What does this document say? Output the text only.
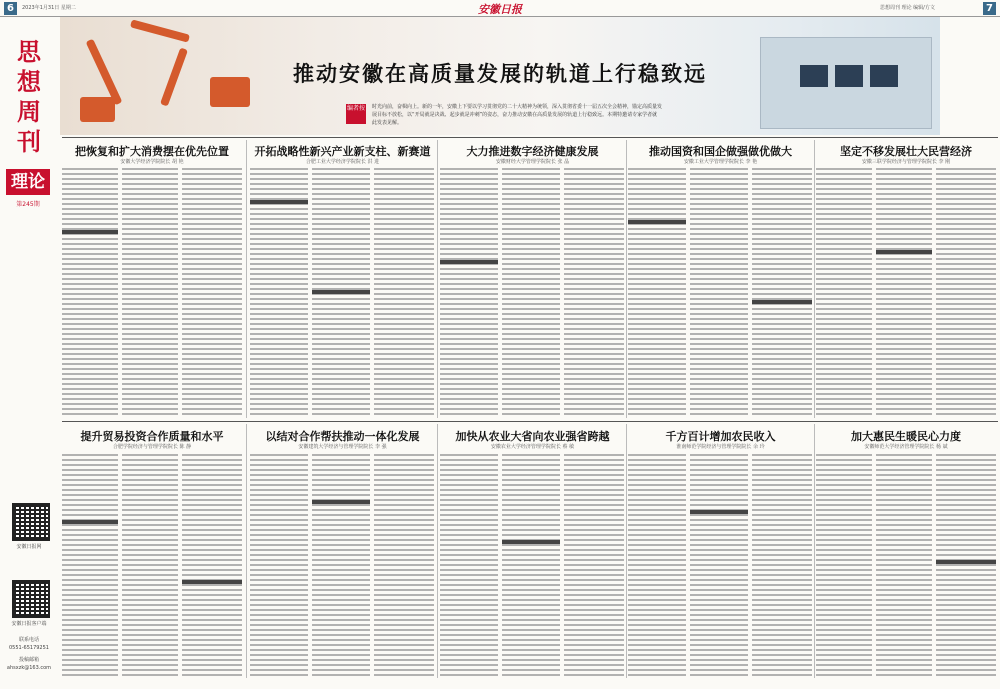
6	2023年1月31日 星期二	安徽日报	思想周刊 理论 编辑/方文	7
思想周刊
理论
第245期
安徽日报网
安徽日报客户端
联系电话
0551-65179251
投稿邮箱
ahsxzk@163.com
推动安徽在高质量发展的轨道上行稳致远
编者按 时光向前，奋楫向上。新的一年，安徽上下要以学习贯彻党的二十大精神为统领，深入贯彻省委十一届五次全会精神，锚定高质量发展目标不放松，以“开局就是决战、起步就是冲刺”的姿态，奋力推动安徽在高质量发展的轨道上行稳致远。本期特邀请专家学者就此发表见解。
把恢复和扩大消费摆在优先位置
安徽大学经济学院院长 胡 艳
开拓战略性新兴产业新支柱、新赛道
合肥工业大学经济学院院长 洪 进
大力推进数字经济健康发展
安徽财经大学管理学院院长 张 晶
推动国资和国企做强做优做大
安徽工业大学管理学院院长 李 艳
坚定不移发展壮大民营经济
安徽三联学院经济与管理学院院长 李 刚
提升贸易投资合作质量和水平
合肥学院经济与管理学院院长 陈 静
以结对合作帮扶推动一体化发展
安徽建筑大学经济与管理学院院长 李 强
加快从农业大省向农业强省跨越
安徽农业大学经济管理学院院长 蔡 敏
千方百计增加农民收入
淮南师范学院经济与管理学院院长 余 玲
加大惠民生暖民心力度
安徽师范大学经济管理学院院长 杨 斌
